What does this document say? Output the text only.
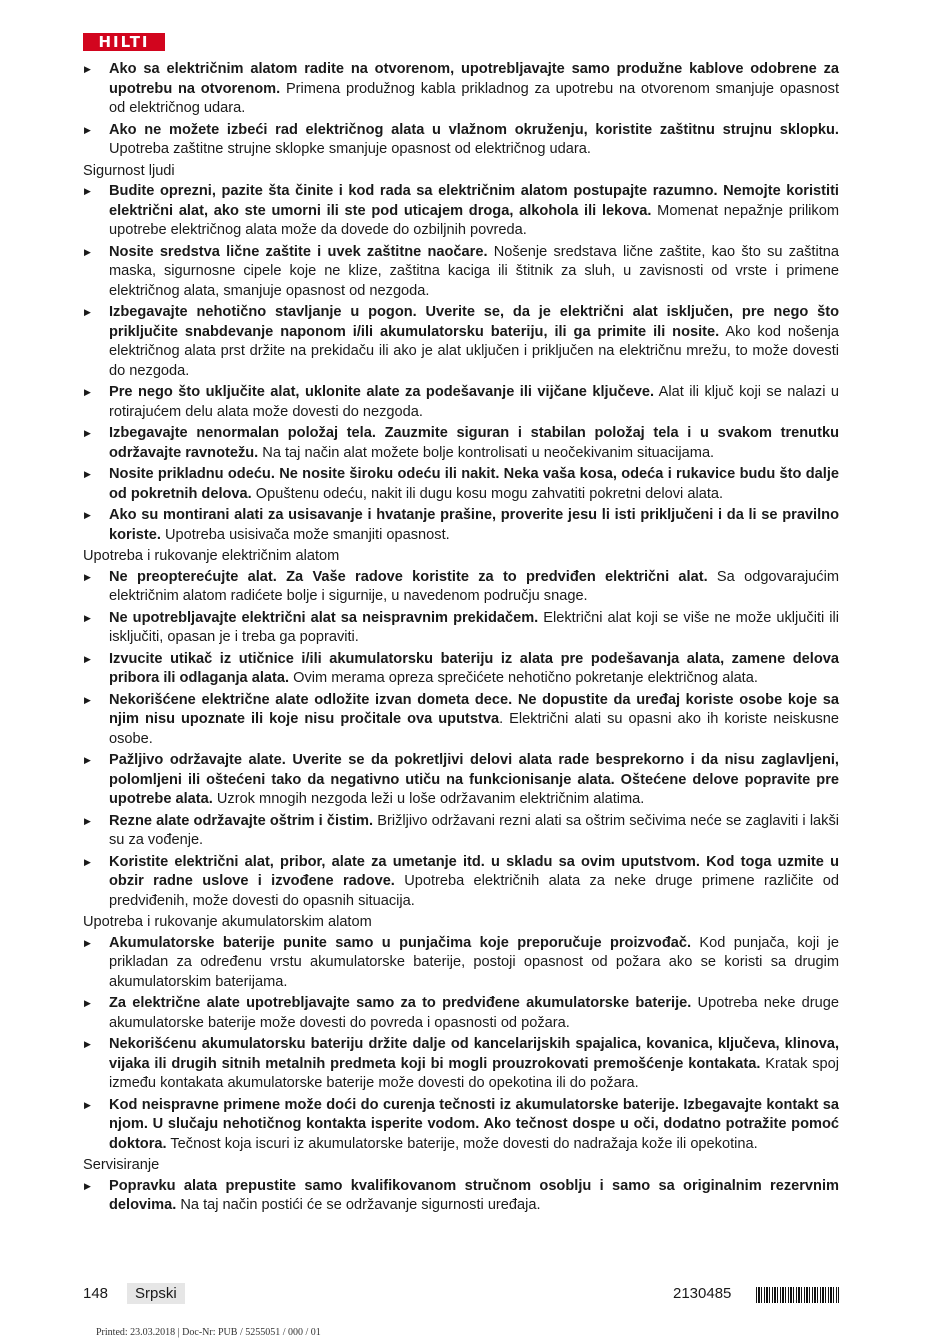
HILTI
▶ Ako sa električnim alatom radite na otvorenom, upotrebljavajte samo produžne kablove odobrene za upotrebu na otvorenom. Primena produžnog kabla prikladnog za upotrebu na otvorenom smanjuje opasnost od električnog udara.
▶ Ako ne možete izbeći rad električnog alata u vlažnom okruženju, koristite zaštitnu strujnu sklopku. Upotreba zaštitne strujne sklopke smanjuje opasnost od električnog udara.
Sigurnost ljudi
▶ Budite oprezni, pazite šta činite i kod rada sa električnim alatom postupajte razumno. Nemojte koristiti električni alat, ako ste umorni ili ste pod uticajem droga, alkohola ili lekova. Momenat nepažnje prilikom upotrebe električnog alata može da dovede do ozbiljnih povreda.
▶ Nosite sredstva lične zaštite i uvek zaštitne naočare. Nošenje sredstava lične zaštite, kao što su zaštitna maska, sigurnosne cipele koje ne klize, zaštitna kaciga ili štitnik za sluh, u zavisnosti od vrste i primene električnog alata, smanjuje opasnost od nezgoda.
▶ Izbegavajte nehotično stavljanje u pogon. Uverite se, da je električni alat isključen, pre nego što priključite snabdevanje naponom i/ili akumulatorsku bateriju, ili ga primite ili nosite. Ako kod nošenja električnog alata prst držite na prekidaču ili ako je alat uključen i priključen na električnu mrežu, to može dovesti do nezgoda.
▶ Pre nego što uključite alat, uklonite alate za podešavanje ili vijčane ključeve. Alat ili ključ koji se nalazi u rotirajućem delu alata može dovesti do nezgoda.
▶ Izbegavajte nenormalan položaj tela. Zauzmite siguran i stabilan položaj tela i u svakom trenutku održavajte ravnotežu. Na taj način alat možete bolje kontrolisati u neočekivanim situacijama.
▶ Nosite prikladnu odeću. Ne nosite široku odeću ili nakit. Neka vaša kosa, odeća i rukavice budu što dalje od pokretnih delova. Opuštenu odeću, nakit ili dugu kosu mogu zahvatiti pokretni delovi alata.
▶ Ako su montirani alati za usisavanje i hvatanje prašine, proverite jesu li isti priključeni i da li se pravilno koriste. Upotreba usisivača može smanjiti opasnost.
Upotreba i rukovanje električnim alatom
▶ Ne preopterećujte alat. Za Vaše radove koristite za to predviđen električni alat. Sa odgovarajućim električnim alatom radićete bolje i sigurnije, u navedenom području snage.
▶ Ne upotrebljavajte električni alat sa neispravnim prekidačem. Električni alat koji se više ne može uključiti ili isključiti, opasan je i treba ga popraviti.
▶ Izvucite utikač iz utičnice i/ili akumulatorsku bateriju iz alata pre podešavanja alata, zamene delova pribora ili odlaganja alata. Ovim merama opreza sprečićete nehotično pokretanje električnog alata.
▶ Nekorišćene električne alate odložite izvan dometa dece. Ne dopustite da uređaj koriste osobe koje sa njim nisu upoznate ili koje nisu pročitale ova uputstva. Električni alati su opasni ako ih koriste neiskusne osobe.
▶ Pažljivo održavajte alate. Uverite se da pokretljivi delovi alata rade besprekorno i da nisu zaglavljeni, polomljeni ili oštećeni tako da negativno utiču na funkcionisanje alata. Oštećene delove popravite pre upotrebe alata. Uzrok mnogih nezgoda leži u loše održavanim električnim alatima.
▶ Rezne alate održavajte oštrim i čistim. Brižljivo održavani rezni alati sa oštrim sečivima neće se zaglaviti i lakši su za vođenje.
▶ Koristite električni alat, pribor, alate za umetanje itd. u skladu sa ovim uputstvom. Kod toga uzmite u obzir radne uslove i izvođene radove. Upotreba električnih alata za neke druge primene različite od predviđenih, može dovesti do opasnih situacija.
Upotreba i rukovanje akumulatorskim alatom
▶ Akumulatorske baterije punite samo u punjačima koje preporučuje proizvođač. Kod punjača, koji je prikladan za određenu vrstu akumulatorske baterije, postoji opasnost od požara ako se koristi sa drugim akumulatorskim baterijama.
▶ Za električne alate upotrebljavajte samo za to predviđene akumulatorske baterije. Upotreba neke druge akumulatorske baterije može dovesti do povreda i opasnosti od požara.
▶ Nekorišćenu akumulatorsku bateriju držite dalje od kancelarijskih spajalica, kovanica, ključeva, klinova, vijaka ili drugih sitnih metalnih predmeta koji bi mogli prouzrokovati premošćenje kontakata. Kratak spoj između kontakata akumulatorske baterije može dovesti do opekotina ili do požara.
▶ Kod neispravne primene može doći do curenja tečnosti iz akumulatorske baterije. Izbegavajte kontakt sa njom. U slučaju nehotičnog kontakta isperite vodom. Ako tečnost dospe u oči, dodatno potražite pomoć doktora. Tečnost koja iscuri iz akumulatorske baterije, može dovesti do nadražaja kože ili opekotina.
Servisiranje
▶ Popravku alata prepustite samo kvalifikovanom stručnom osoblju i samo sa originalnim rezervnim delovima. Na taj način postići će se održavanje sigurnosti uređaja.
148	Srpski	2130485
Printed: 23.03.2018 | Doc-Nr: PUB / 5255051 / 000 / 01
